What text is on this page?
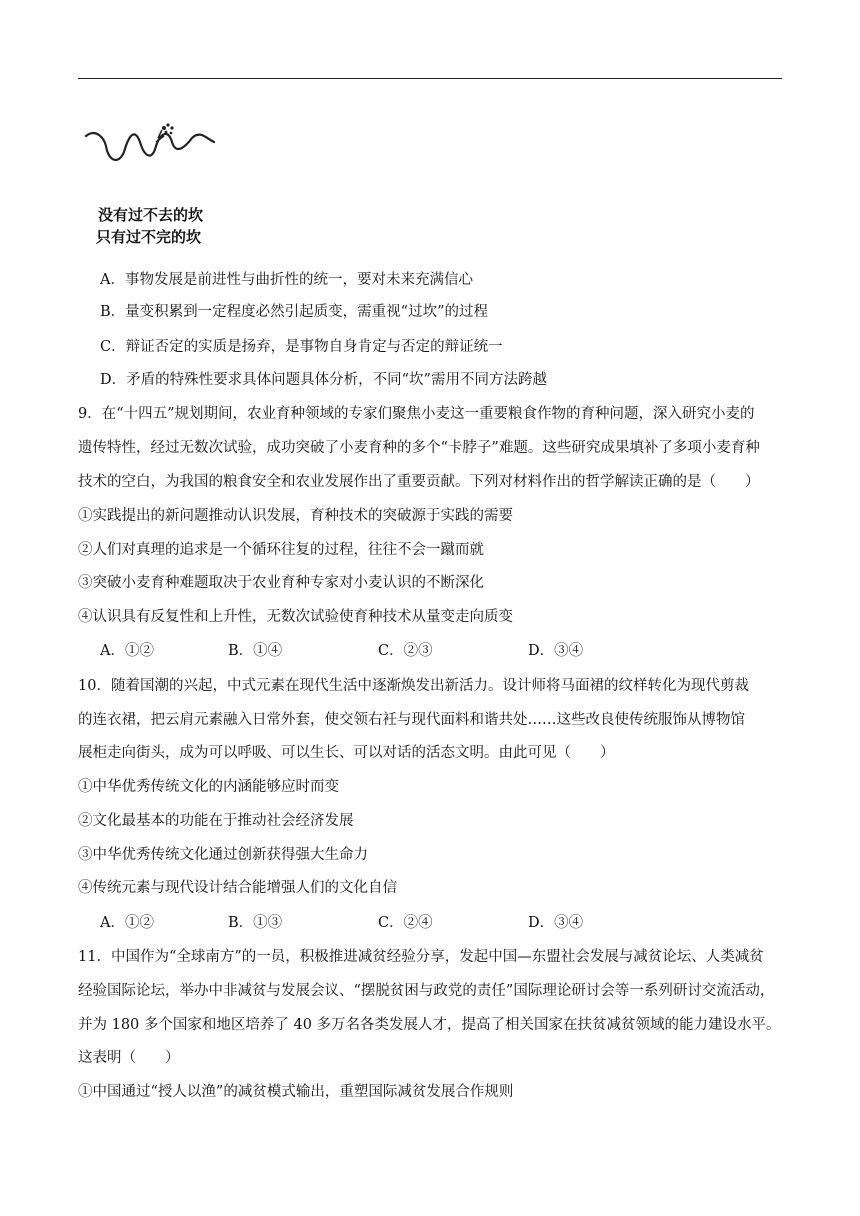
没有过不去的坎
只有过不完的坎
A．事物发展是前进性与曲折性的统一，要对未来充满信心
B．量变积累到一定程度必然引起质变，需重视“过坎”的过程
C．辩证否定的实质是扬弃，是事物自身肯定与否定的辩证统一
D．矛盾的特殊性要求具体问题具体分析，不同“坎”需用不同方法跨越
9．在“十四五”规划期间，农业育种领域的专家们聚焦小麦这一重要粮食作物的育种问题，深入研究小麦的
遗传特性，经过无数次试验，成功突破了小麦育种的多个“卡脖子”难题。这些研究成果填补了多项小麦育种
技术的空白，为我国的粮食安全和农业发展作出了重要贡献。下列对材料作出的哲学解读正确的是（　　）
①实践提出的新问题推动认识发展，育种技术的突破源于实践的需要
②人们对真理的追求是一个循环往复的过程，往往不会一蹴而就
③突破小麦育种难题取决于农业育种专家对小麦认识的不断深化
④认识具有反复性和上升性，无数次试验使育种技术从量变走向质变
A．①②	B．①④	C．②③	D．③④
10．随着国潮的兴起，中式元素在现代生活中逐渐焕发出新活力。设计师将马面裙的纹样转化为现代剪裁
的连衣裙，把云肩元素融入日常外套，使交领右衽与现代面料和谐共处……这些改良使传统服饰从博物馆
展柜走向街头，成为可以呼吸、可以生长、可以对话的活态文明。由此可见（　　）
①中华优秀传统文化的内涵能够应时而变
②文化最基本的功能在于推动社会经济发展
③中华优秀传统文化通过创新获得强大生命力
④传统元素与现代设计结合能增强人们的文化自信
A．①②	B．①③	C．②④	D．③④
11．中国作为“全球南方”的一员，积极推进减贫经验分享，发起中国—东盟社会发展与减贫论坛、人类减贫
经验国际论坛，举办中非减贫与发展会议、“摆脱贫困与政党的责任”国际理论研讨会等一系列研讨交流活动，
并为 180 多个国家和地区培养了 40 多万名各类发展人才，提高了相关国家在扶贫减贫领域的能力建设水平。
这表明（　　）
①中国通过“授人以渔”的减贫模式输出，重塑国际减贫发展合作规则
